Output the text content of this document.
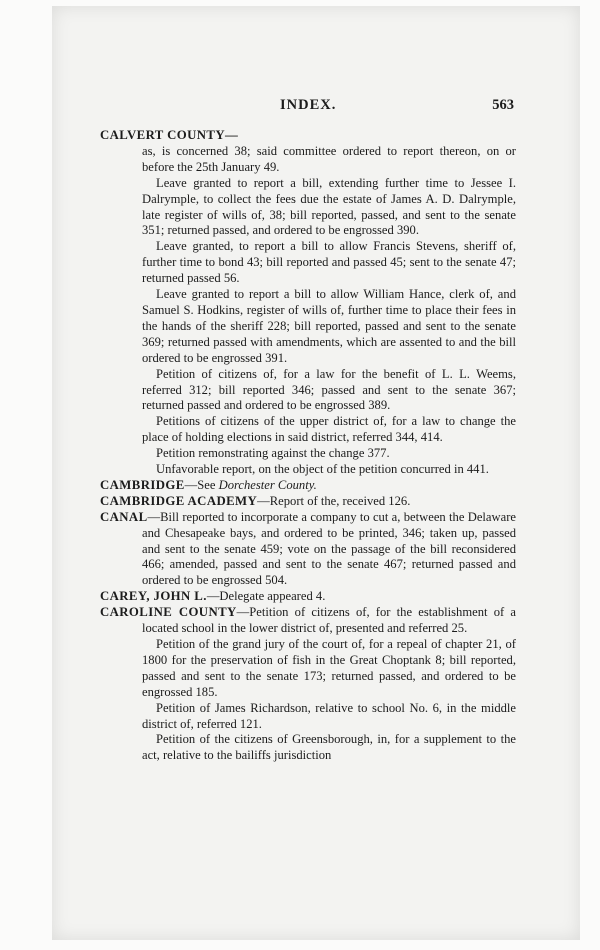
INDEX.	563
CALVERT COUNTY—

as, is concerned 38; said committee ordered to report thereon, on or before the 25th January 49.

Leave granted to report a bill, extending further time to Jessee I. Dalrymple, to collect the fees due the estate of James A. D. Dalrymple, late register of wills of, 38; bill reported, passed, and sent to the senate 351; returned passed, and ordered to be engrossed 390.

Leave granted, to report a bill to allow Francis Stevens, sheriff of, further time to bond 43; bill reported and passed 45; sent to the senate 47; returned passed 56.

Leave granted to report a bill to allow William Hance, clerk of, and Samuel S. Hodkins, register of wills of, further time to place their fees in the hands of the sheriff 228; bill reported, passed and sent to the senate 369; returned passed with amendments, which are assented to and the bill ordered to be engrossed 391.

Petition of citizens of, for a law for the benefit of L. L. Weems, referred 312; bill reported 346; passed and sent to the senate 367; returned passed and ordered to be engrossed 389.

Petitions of citizens of the upper district of, for a law to change the place of holding elections in said district, referred 344, 414.

Petition remonstrating against the change 377.

Unfavorable report, on the object of the petition concurred in 441.

CAMBRIDGE—See Dorchester County.

CAMBRIDGE ACADEMY—Report of the, received 126.

CANAL—Bill reported to incorporate a company to cut a, between the Delaware and Chesapeake bays, and ordered to be printed, 346; taken up, passed and sent to the senate 459; vote on the passage of the bill reconsidered 466; amended, passed and sent to the senate 467; returned passed and ordered to be engrossed 504.

CAREY, JOHN L.—Delegate appeared 4.

CAROLINE COUNTY—Petition of citizens of, for the establishment of a located school in the lower district of, presented and referred 25.

Petition of the grand jury of the court of, for a repeal of chapter 21, of 1800 for the preservation of fish in the Great Choptank 8; bill reported, passed and sent to the senate 173; returned passed, and ordered to be engrossed 185.

Petition of James Richardson, relative to school No. 6, in the middle district of, referred 121.

Petition of the citizens of Greensborough, in, for a supplement to the act, relative to the bailiffs jurisdiction
